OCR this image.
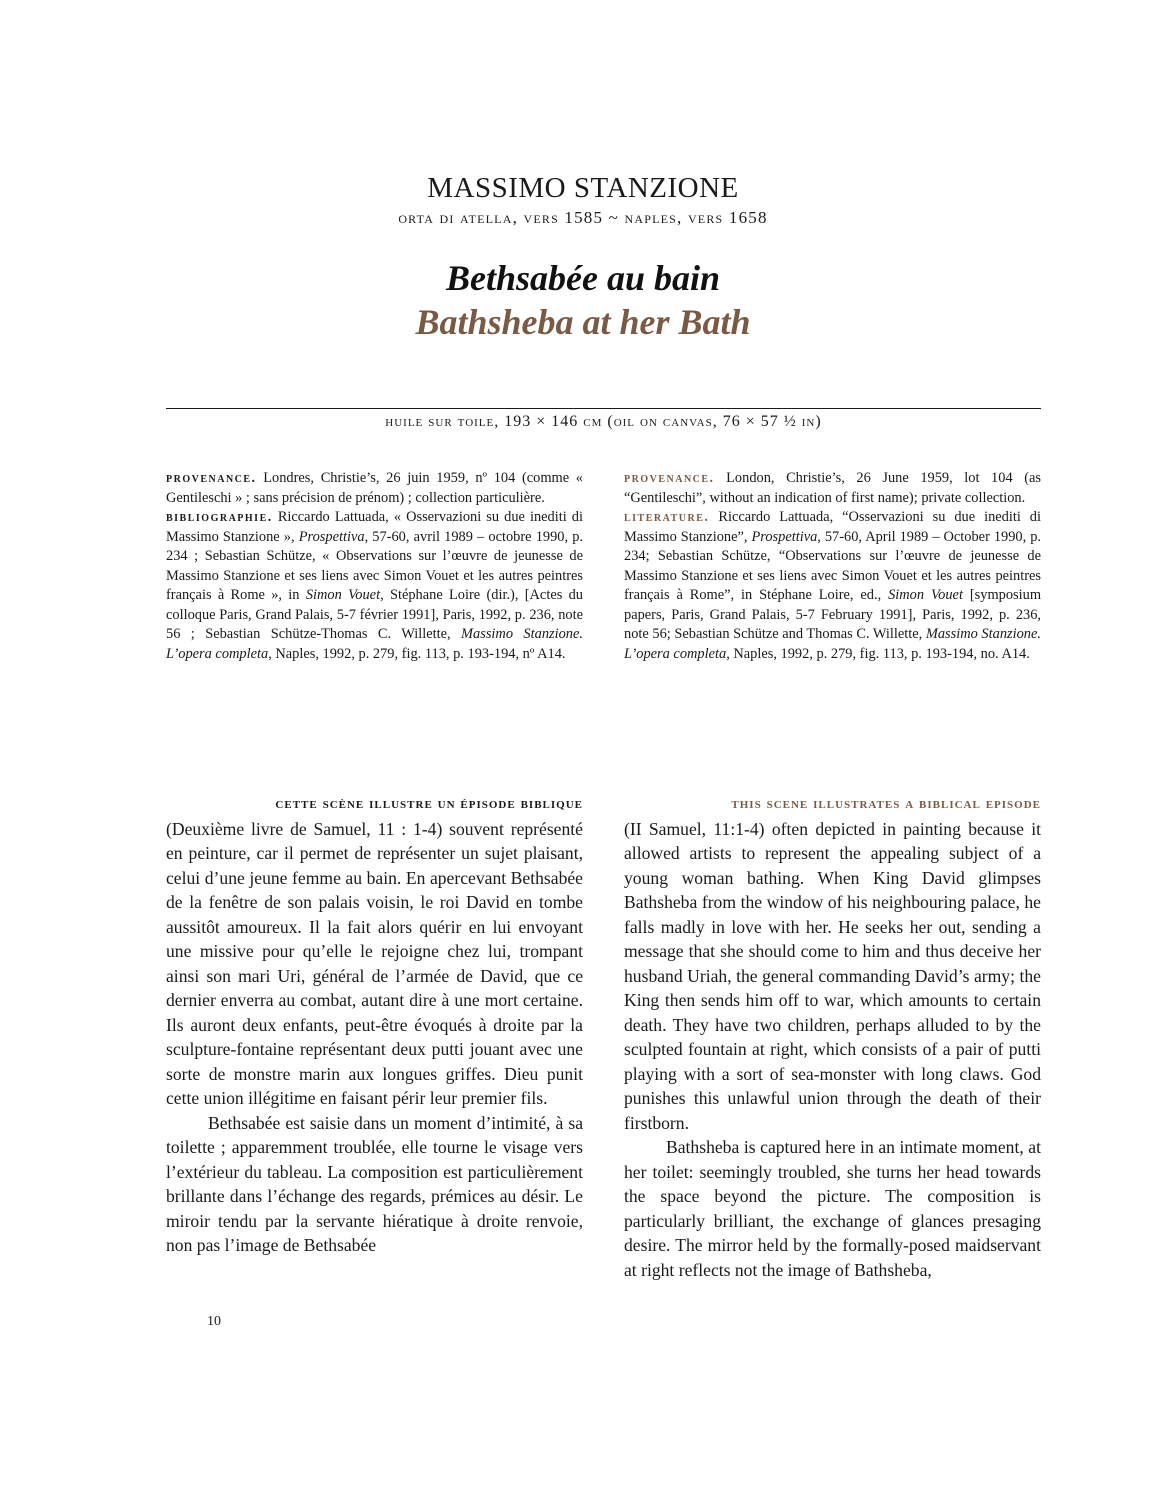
MASSIMO STANZIONE
orta di atella, vers 1585 ~ naples, vers 1658
Bethsabée au bain
Bathsheba at her Bath
huile sur toile, 193 × 146 cm (oil on canvas, 76 × 57 ½ in)

provenance. Londres, Christie’s, 26 juin 1959, nº 104 (comme « Gentileschi » ; sans précision de prénom) ; collection particulière.

bibliographie. Riccardo Lattuada, « Osservazioni su due inediti di Massimo Stanzione », Prospettiva, 57-60, avril 1989 – octobre 1990, p. 234 ; Sebastian Schütze, « Observations sur l’œuvre de jeunesse de Massimo Stanzione et ses liens avec Simon Vouet et les autres peintres français à Rome », in Simon Vouet, Stéphane Loire (dir.), [Actes du colloque Paris, Grand Palais, 5-7 février 1991], Paris, 1992, p. 236, note 56 ; Sebastian Schütze-Thomas C. Willette, Massimo Stanzione. L’opera completa, Naples, 1992, p. 279, fig. 113, p. 193-194, nº A14.

provenance. London, Christie’s, 26 June 1959, lot 104 (as “Gentileschi”, without an indication of first name); private collection.

literature. Riccardo Lattuada, “Osservazioni su due inediti di Massimo Stanzione”, Prospettiva, 57-60, April 1989 – October 1990, p. 234; Sebastian Schütze, “Observations sur l’œuvre de jeunesse de Massimo Stanzione et ses liens avec Simon Vouet et les autres peintres français à Rome”, in Stéphane Loire, ed., Simon Vouet [symposium papers, Paris, Grand Palais, 5-7 February 1991], Paris, 1992, p. 236, note 56; Sebastian Schütze and Thomas C. Willette, Massimo Stanzione. L’opera completa, Naples, 1992, p. 279, fig. 113, p. 193-194, no. A14.

cette scène illustre un épisode biblique

(Deuxième livre de Samuel, 11 : 1-4) souvent représenté en peinture, car il permet de représenter un sujet plaisant, celui d’une jeune femme au bain. En apercevant Bethsabée de la fenêtre de son palais voisin, le roi David en tombe aussitôt amoureux. Il la fait alors quérir en lui envoyant une missive pour qu’elle le rejoigne chez lui, trompant ainsi son mari Uri, général de l’armée de David, que ce dernier enverra au combat, autant dire à une mort certaine. Ils auront deux enfants, peut-être évoqués à droite par la sculpture-fontaine représentant deux putti jouant avec une sorte de monstre marin aux longues griffes. Dieu punit cette union illégitime en faisant périr leur premier fils.

Bethsabée est saisie dans un moment d’intimité, à sa toilette ; apparemment troublée, elle tourne le visage vers l’extérieur du tableau. La composition est particulièrement brillante dans l’échange des regards, prémices au désir. Le miroir tendu par la servante hiératique à droite renvoie, non pas l’image de Bethsabée

this scene illustrates a biblical episode

(II Samuel, 11:1-4) often depicted in painting because it allowed artists to represent the appealing subject of a young woman bathing. When King David glimpses Bathsheba from the window of his neighbouring palace, he falls madly in love with her. He seeks her out, sending a message that she should come to him and thus deceive her husband Uriah, the general commanding David’s army; the King then sends him off to war, which amounts to certain death. They have two children, perhaps alluded to by the sculpted fountain at right, which consists of a pair of putti playing with a sort of sea-monster with long claws. God punishes this unlawful union through the death of their firstborn.

Bathsheba is captured here in an intimate moment, at her toilet: seemingly troubled, she turns her head towards the space beyond the picture. The composition is particularly brilliant, the exchange of glances presaging desire. The mirror held by the formally-posed maidservant at right reflects not the image of Bathsheba,

10
